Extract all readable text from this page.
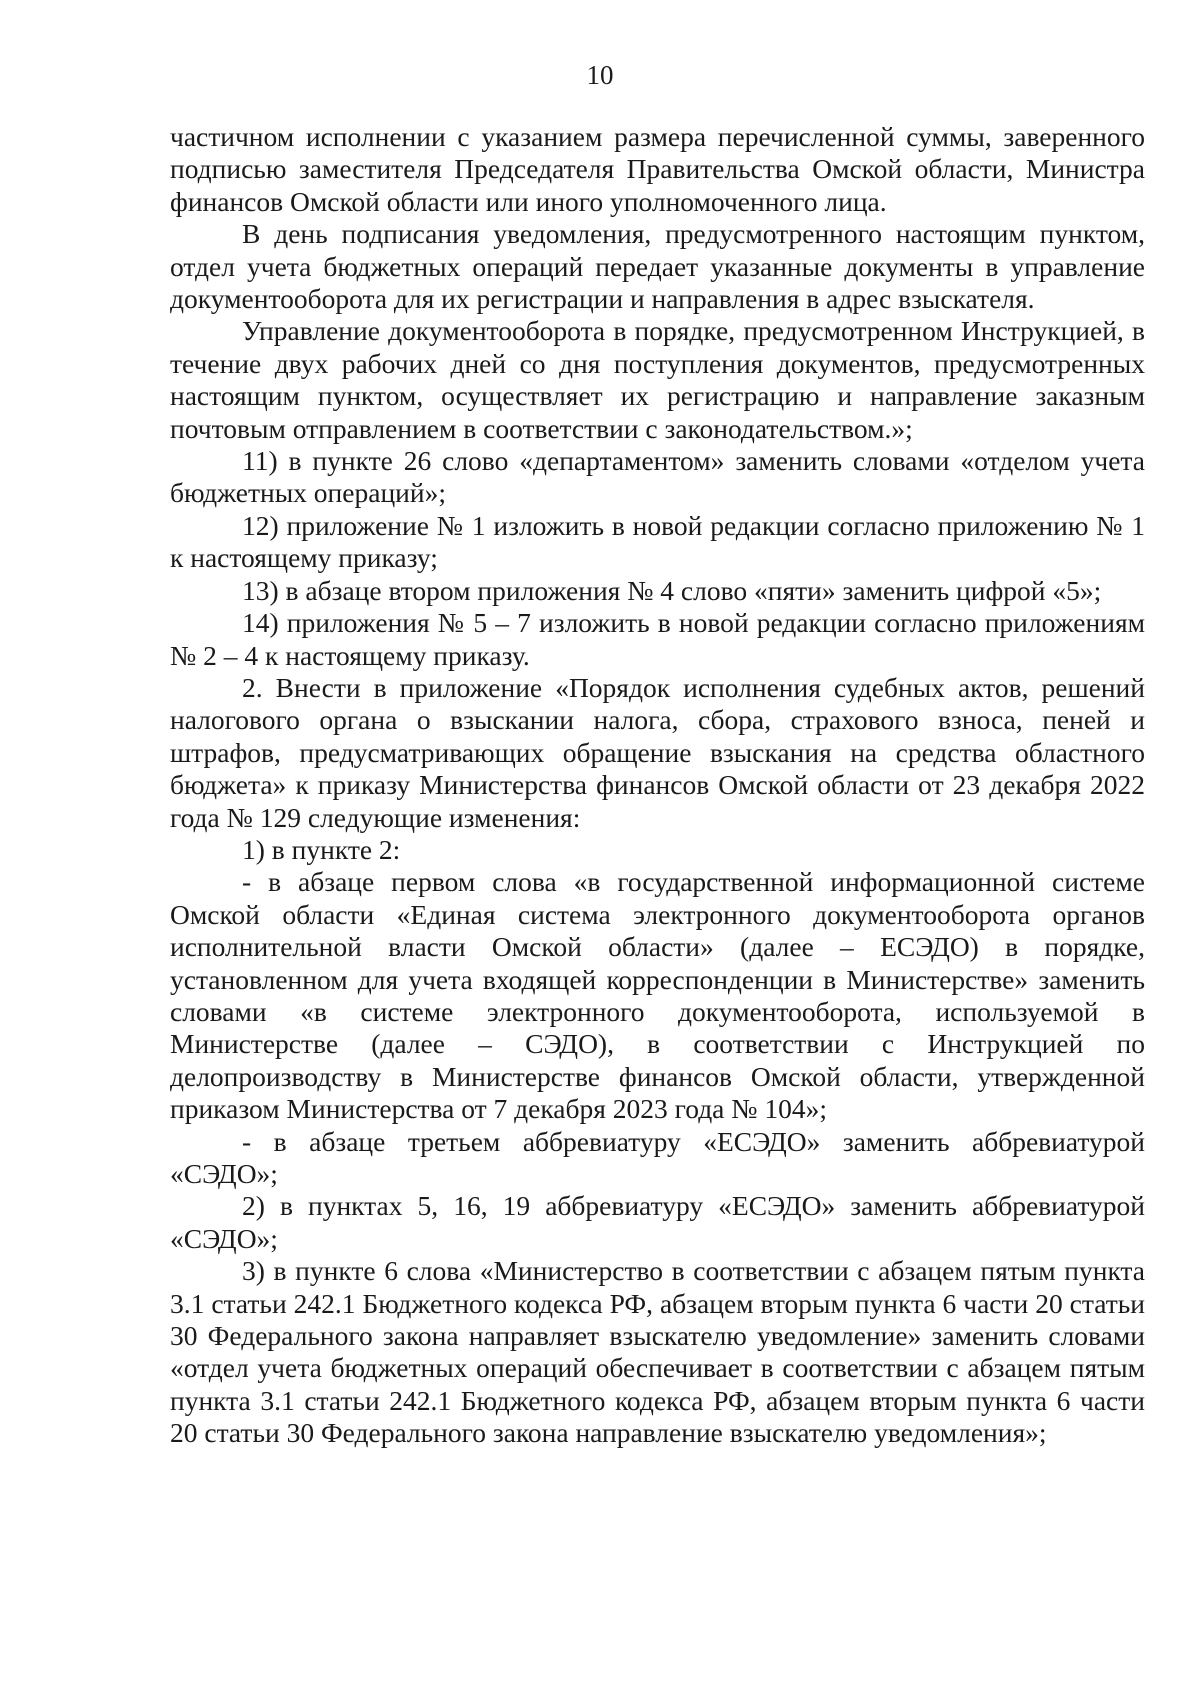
10

частичном исполнении с указанием размера перечисленной суммы, заверенного подписью заместителя Председателя Правительства Омской области, Министра финансов Омской области или иного уполномоченного лица.

В день подписания уведомления, предусмотренного настоящим пунктом, отдел учета бюджетных операций передает указанные документы в управление документооборота для их регистрации и направления в адрес взыскателя.

Управление документооборота в порядке, предусмотренном Инструкцией, в течение двух рабочих дней со дня поступления документов, предусмотренных настоящим пунктом, осуществляет их регистрацию и направление заказным почтовым отправлением в соответствии с законодательством.»;

11) в пункте 26 слово «департаментом» заменить словами «отделом учета бюджетных операций»;

12) приложение № 1 изложить в новой редакции согласно приложению № 1 к настоящему приказу;

13) в абзаце втором приложения № 4 слово «пяти» заменить цифрой «5»;

14) приложения № 5 – 7 изложить в новой редакции согласно приложениям № 2 – 4 к настоящему приказу.

2. Внести в приложение «Порядок исполнения судебных актов, решений налогового органа о взыскании налога, сбора, страхового взноса, пеней и штрафов, предусматривающих обращение взыскания на средства областного бюджета» к приказу Министерства финансов Омской области от 23 декабря 2022 года № 129 следующие изменения:

1) в пункте 2:

- в абзаце первом слова «в государственной информационной системе Омской области «Единая система электронного документооборота органов исполнительной власти Омской области» (далее – ЕСЭДО) в порядке, установленном для учета входящей корреспонденции в Министерстве» заменить словами «в системе электронного документооборота, используемой в Министерстве (далее – СЭДО), в соответствии с Инструкцией по делопроизводству в Министерстве финансов Омской области, утвержденной приказом Министерства от 7 декабря 2023 года № 104»;

- в абзаце третьем аббревиатуру «ЕСЭДО» заменить аббревиатурой «СЭДО»;

2) в пунктах 5, 16, 19 аббревиатуру «ЕСЭДО» заменить аббревиатурой «СЭДО»;

3) в пункте 6 слова «Министерство в соответствии с абзацем пятым пункта 3.1 статьи 242.1 Бюджетного кодекса РФ, абзацем вторым пункта 6 части 20 статьи 30 Федерального закона направляет взыскателю уведомление» заменить словами «отдел учета бюджетных операций обеспечивает в соответствии с абзацем пятым пункта 3.1 статьи 242.1 Бюджетного кодекса РФ, абзацем вторым пункта 6 части 20 статьи 30 Федерального закона направление взыскателю уведомления»;
